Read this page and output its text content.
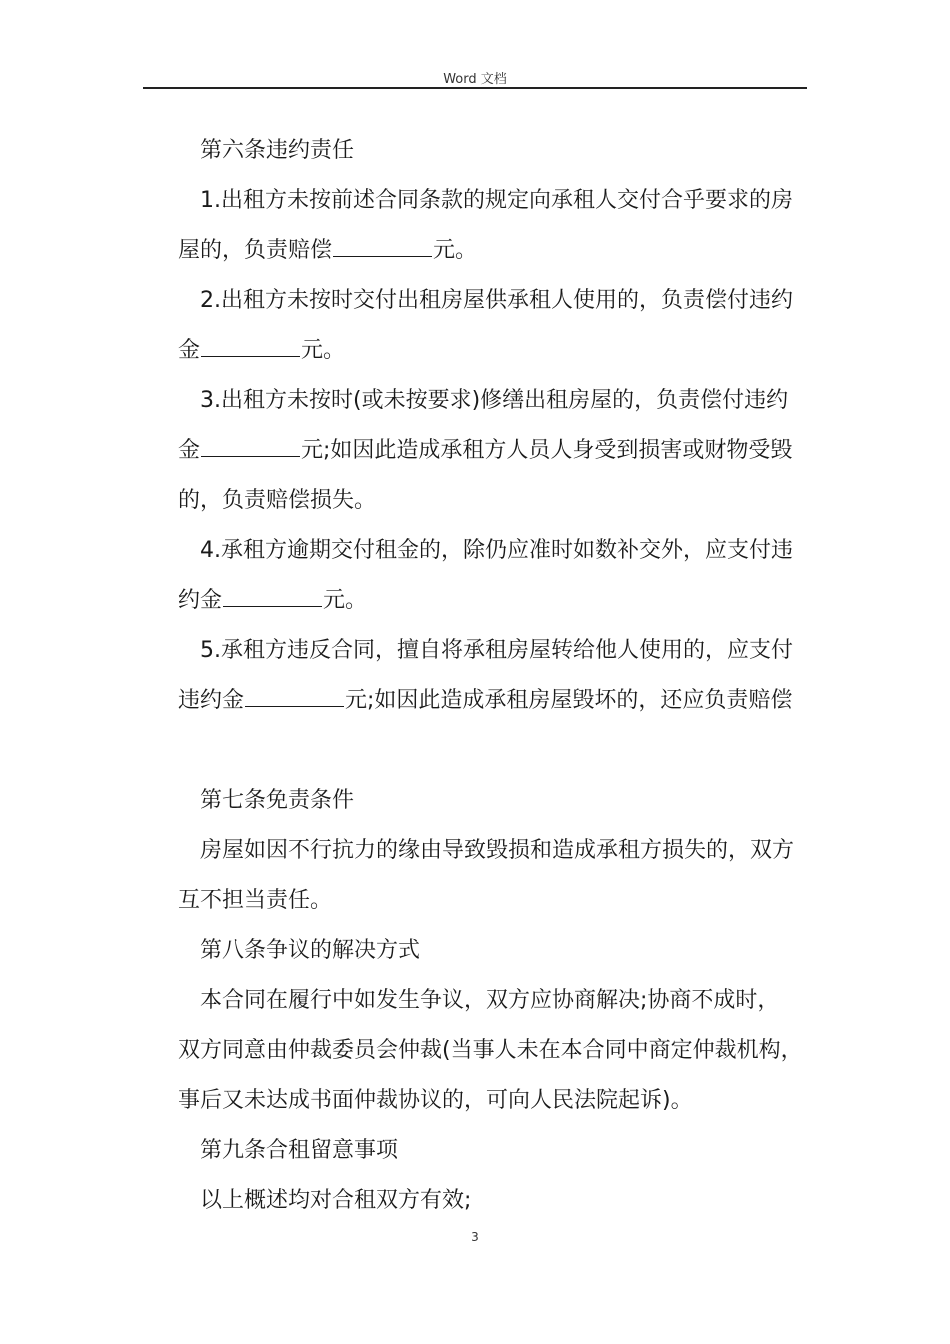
Word 文档
第六条违约责任
1.出租方未按前述合同条款的规定向承租人交付合乎要求的房
屋的，负责赔偿	元。
2.出租方未按时交付出租房屋供承租人使用的，负责偿付违约
金	元。
3.出租方未按时(或未按要求)修缮出租房屋的，负责偿付违约
金	元;如因此造成承租方人员人身受到损害或财物受毁
的，负责赔偿损失。
4.承租方逾期交付租金的，除仍应准时如数补交外，应支付违
约金	元。
5.承租方违反合同，擅自将承租房屋转给他人使用的，应支付
违约金	元;如因此造成承租房屋毁坏的，还应负责赔偿
第七条免责条件
房屋如因不行抗力的缘由导致毁损和造成承租方损失的，双方
互不担当责任。
第八条争议的解决方式
本合同在履行中如发生争议，双方应协商解决;协商不成时，
双方同意由仲裁委员会仲裁(当事人未在本合同中商定仲裁机构，
事后又未达成书面仲裁协议的，可向人民法院起诉)。
第九条合租留意事项
以上概述均对合租双方有效;
3
